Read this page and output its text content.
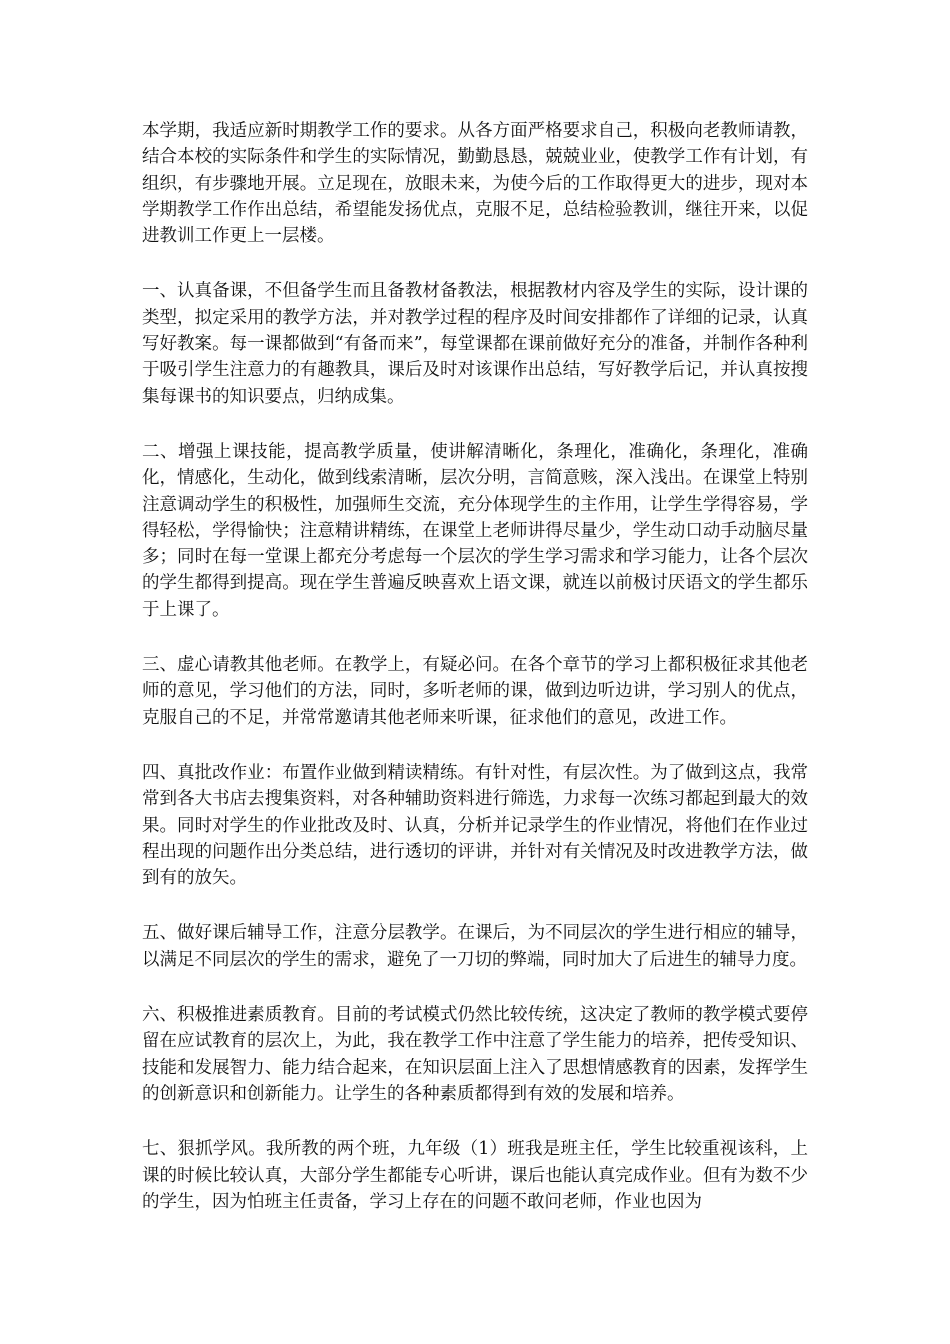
本学期，我适应新时期教学工作的要求。从各方面严格要求自己，积极向老教师请教，结合本校的实际条件和学生的实际情况，勤勤恳恳，兢兢业业，使教学工作有计划，有组织，有步骤地开展。立足现在，放眼未来，为使今后的工作取得更大的进步，现对本学期教学工作作出总结，希望能发扬优点，克服不足，总结检验教训，继往开来，以促进教训工作更上一层楼。

一、认真备课，不但备学生而且备教材备教法，根据教材内容及学生的实际，设计课的类型，拟定采用的教学方法，并对教学过程的程序及时间安排都作了详细的记录，认真写好教案。每一课都做到“有备而来”，每堂课都在课前做好充分的准备，并制作各种利于吸引学生注意力的有趣教具，课后及时对该课作出总结，写好教学后记，并认真按搜集每课书的知识要点，归纳成集。

二、增强上课技能，提高教学质量，使讲解清晰化，条理化，准确化，条理化，准确化，情感化，生动化，做到线索清晰，层次分明，言简意赅，深入浅出。在课堂上特别注意调动学生的积极性，加强师生交流，充分体现学生的主作用，让学生学得容易，学得轻松，学得愉快；注意精讲精练，在课堂上老师讲得尽量少，学生动口动手动脑尽量多；同时在每一堂课上都充分考虑每一个层次的学生学习需求和学习能力，让各个层次的学生都得到提高。现在学生普遍反映喜欢上语文课，就连以前极讨厌语文的学生都乐于上课了。

三、虚心请教其他老师。在教学上，有疑必问。在各个章节的学习上都积极征求其他老师的意见，学习他们的方法，同时，多听老师的课，做到边听边讲，学习别人的优点，克服自己的不足，并常常邀请其他老师来听课，征求他们的意见，改进工作。

四、真批改作业：布置作业做到精读精练。有针对性，有层次性。为了做到这点，我常常到各大书店去搜集资料，对各种辅助资料进行筛选，力求每一次练习都起到最大的效果。同时对学生的作业批改及时、认真，分析并记录学生的作业情况，将他们在作业过程出现的问题作出分类总结，进行透切的评讲，并针对有关情况及时改进教学方法，做到有的放矢。

五、做好课后辅导工作，注意分层教学。在课后，为不同层次的学生进行相应的辅导，以满足不同层次的学生的需求，避免了一刀切的弊端，同时加大了后进生的辅导力度。

六、积极推进素质教育。目前的考试模式仍然比较传统，这决定了教师的教学模式要停留在应试教育的层次上，为此，我在教学工作中注意了学生能力的培养，把传受知识、技能和发展智力、能力结合起来，在知识层面上注入了思想情感教育的因素，发挥学生的创新意识和创新能力。让学生的各种素质都得到有效的发展和培养。

七、狠抓学风。我所教的两个班，九年级（1）班我是班主任，学生比较重视该科，上课的时候比较认真，大部分学生都能专心听讲，课后也能认真完成作业。但有为数不少的学生，因为怕班主任责备，学习上存在的问题不敢问老师，作业也因为
